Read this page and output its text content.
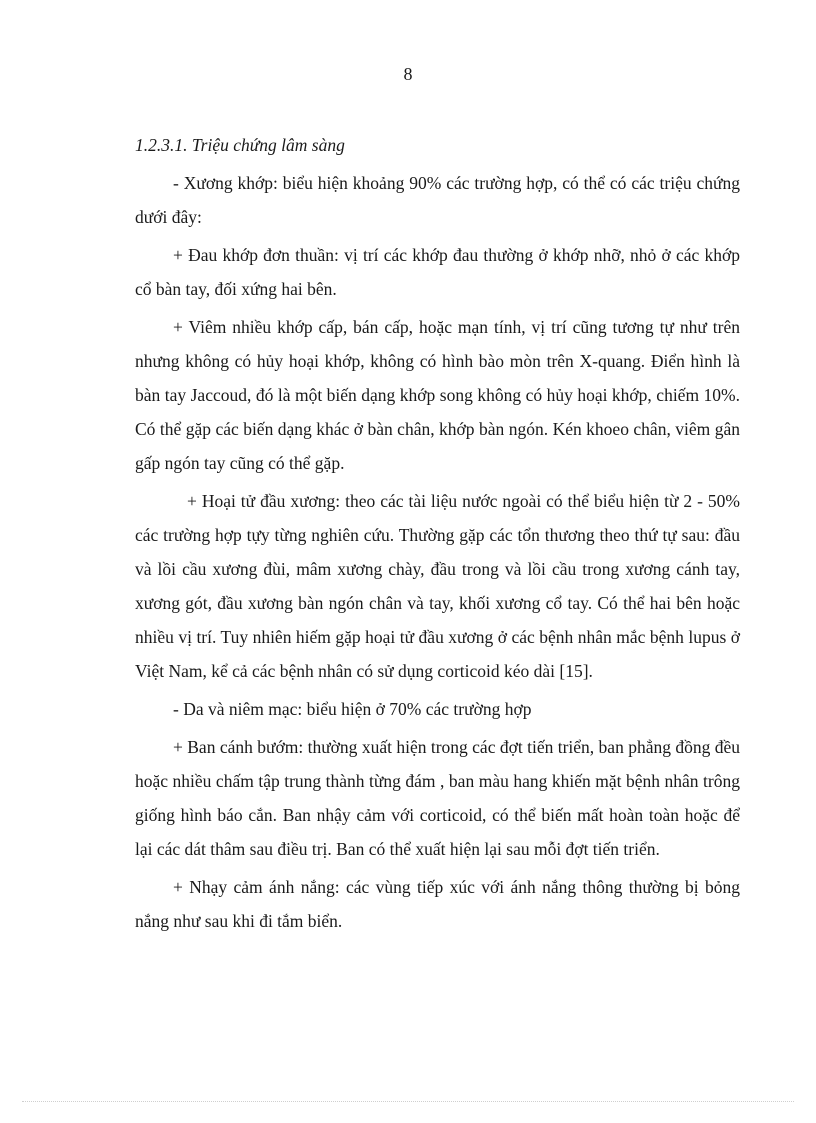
8

1.2.3.1. Triệu chứng lâm sàng

- Xương khớp: biểu hiện khoảng 90% các trường hợp, có thể có các triệu chứng dưới đây:

+ Đau khớp đơn thuần: vị trí các khớp đau thường ở khớp nhỡ, nhỏ ở các khớp cổ bàn tay, đối xứng hai bên.

+ Viêm nhiều khớp cấp, bán cấp, hoặc mạn tính, vị trí cũng tương tự như trên nhưng không có hủy hoại khớp, không có hình bào mòn trên X-quang. Điển hình là bàn tay Jaccoud, đó là một biến dạng khớp song không có hủy hoại khớp, chiếm 10%. Có thể gặp các biến dạng khác ở bàn chân, khớp bàn ngón. Kén khoeo chân, viêm gân gấp ngón tay cũng có thể gặp.

+ Hoại tử đầu xương: theo các tài liệu nước ngoài có thể biểu hiện từ 2 - 50% các trường hợp tựy từng nghiên cứu. Thường gặp các tổn thương theo thứ tự sau: đầu và lồi cầu xương đùi, mâm xương chày, đầu trong và lồi cầu trong xương cánh tay, xương gót, đầu xương bàn ngón chân và tay, khối xương cổ tay. Có thể hai bên hoặc nhiều vị trí. Tuy nhiên hiếm gặp hoại tử đầu xương ở các bệnh nhân mắc bệnh lupus ở Việt Nam, kể cả các bệnh nhân có sử dụng corticoid kéo dài [15].

- Da và niêm mạc: biểu hiện ở 70% các trường hợp

+ Ban cánh bướm: thường xuất hiện trong các đợt tiến triển, ban phẳng đồng đều hoặc nhiều chấm tập trung thành từng đám , ban màu hang khiến mặt bệnh nhân trông giống hình báo cắn. Ban nhậy cảm với corticoid, có thể biến mất hoàn toàn hoặc để lại các dát thâm sau điều trị. Ban có thể xuất hiện lại sau mỗi đợt tiến triển.

+ Nhạy cảm ánh nắng: các vùng tiếp xúc với ánh nắng thông thường bị bỏng nắng như sau khi đi tắm biển.
